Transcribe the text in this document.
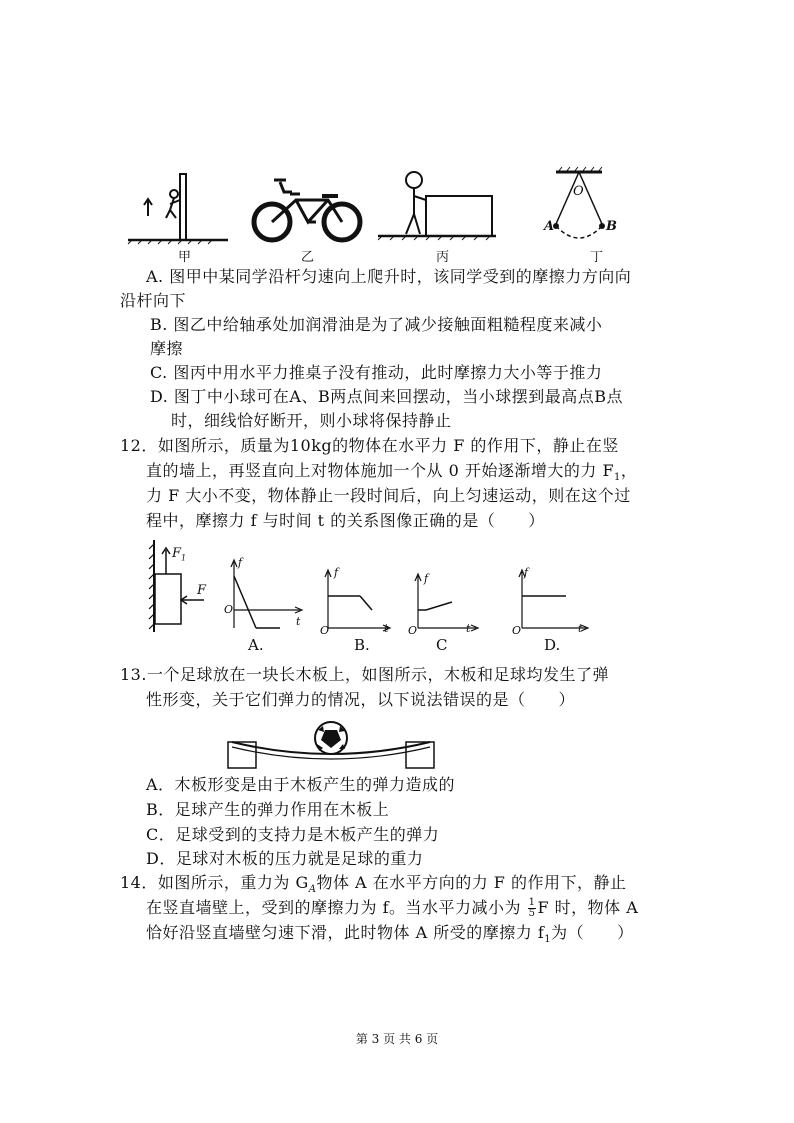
O
A	B
甲	乙	丙	丁
A. 图甲中某同学沿杆匀速向上爬升时，该同学受到的摩擦力方向向
沿杆向下
B. 图乙中给轴承处加润滑油是为了减少接触面粗糙程度来减小
摩擦
C. 图丙中用水平力推桌子没有推动，此时摩擦力大小等于推力
D. 图丁中小球可在A、B两点间来回摆动，当小球摆到最高点B点
时，细线恰好断开，则小球将保持静止
12．如图所示，质量为10kg的物体在水平力 F 的作用下，静止在竖
直的墙上，再竖直向上对物体施加一个从 0 开始逐渐增大的力 $F_1$，
力 F 大小不变，物体静止一段时间后，向上匀速运动，则在这个过
程中，摩擦力 f 与时间 t 的关系图像正确的是（　　）
$F_1$
F
f
O
t
A.
f
O	t
B.
f
O	t
C
f
O	t
D.
13.一个足球放在一块长木板上，如图所示，木板和足球均发生了弹
性形变，关于它们弹力的情况，以下说法错误的是（　　）
A．木板形变是由于木板产生的弹力造成的
B．足球产生的弹力作用在木板上
C．足球受到的支持力是木板产生的弹力
D．足球对木板的压力就是足球的重力
14．如图所示，重力为 $G_A$物体 A 在水平方向的力 F 的作用下，静止
在竖直墙壁上，受到的摩擦力为 f。当水平力减小为 $\frac{1}{5}$ F 时，物体 A
恰好沿竖直墙壁匀速下滑，此时物体 A 所受的摩擦力 $f_1$为（　　）
第 3 页 共 6 页
